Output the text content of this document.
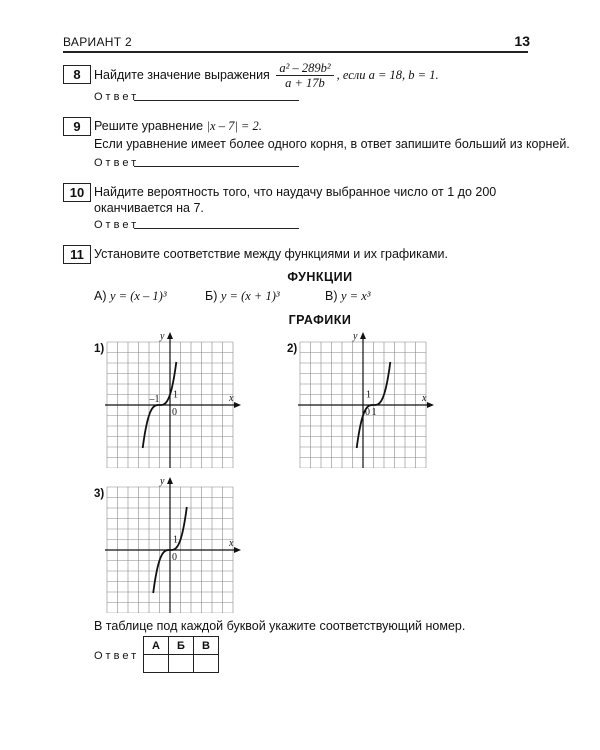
ВАРИАНТ 2	13
8	Найдите значение выражения $\frac{\text{a² – 289b²}}{a + 17b}$ , если a = 18, b = 1.
Ответ
9	Решите уравнение |x – 7| = 2.
Если уравнение имеет более одного корня, в ответ запишите больший из корней.
Ответ
10 Найдите вероятность того, что наудачу выбранное число от 1 до 200 оканчивается на 7.
Ответ
11 Установите соответствие между функциями и их графиками.
ФУНКЦИИ
А) y = (x – 1)³	Б) y = (x + 1)³	В) y = x³
ГРАФИКИ
1)	2)
3)
y
x
0
1
–1
y
x
0
1
1
y
x
0
1
В таблице под каждой буквой укажите соответствующий номер.
Ответ
А	Б	В
